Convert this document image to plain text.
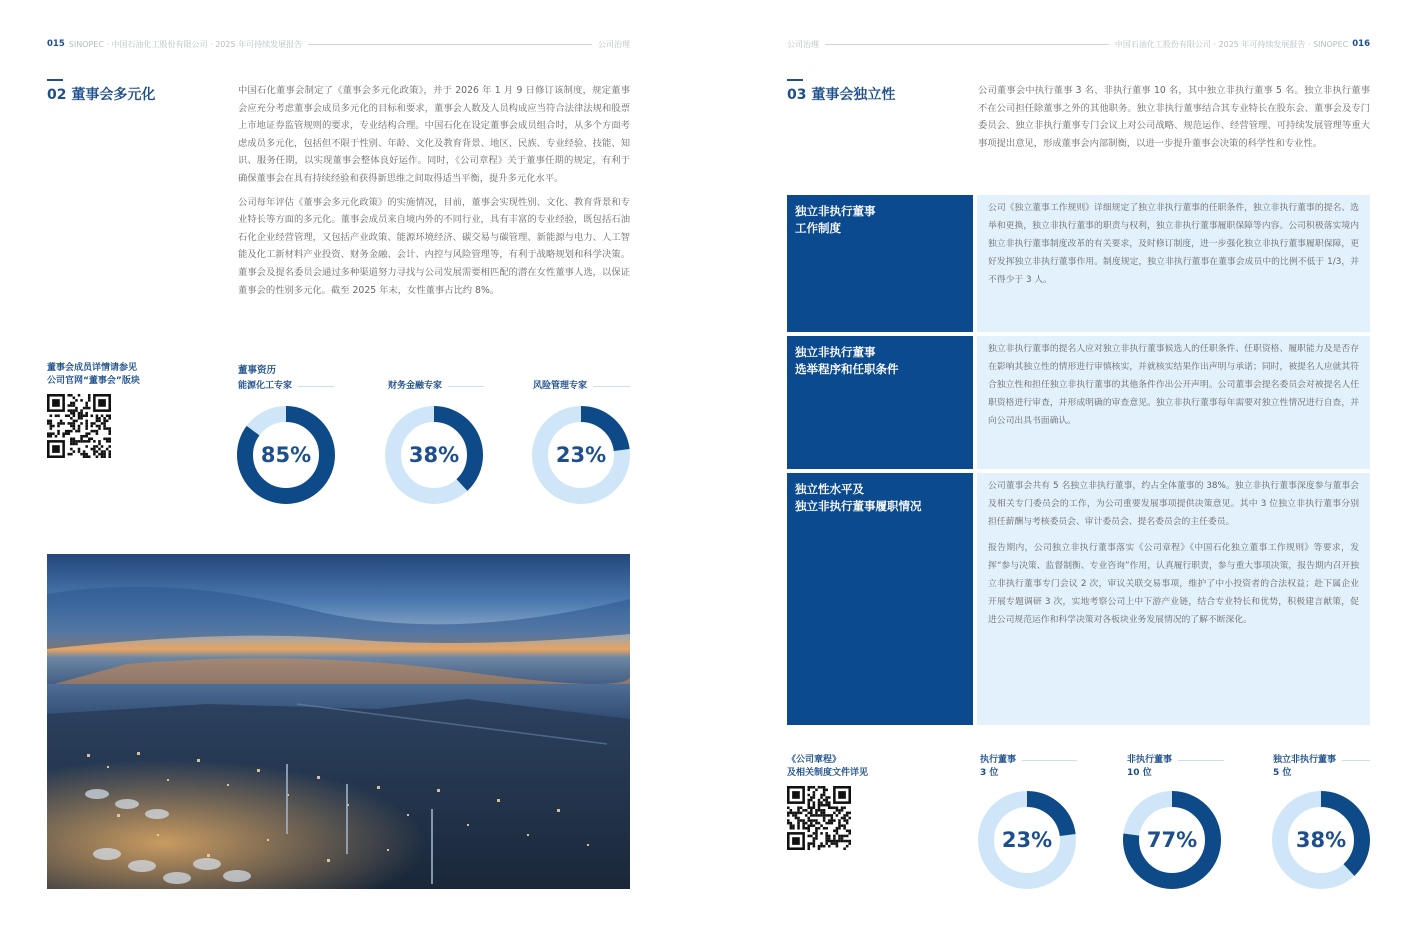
015 SINOPEC · 中国石油化工股份有限公司 · 2025 年可持续发展报告	公司治理
02 董事会多元化	中国石化董事会制定了《董事会多元化政策》，并于 2026 年 1 月 9 日修订该制度，规定董事会应充分考虑董事会成员多元化的目标和要求，董事会人数及人员构成应当符合法律法规和股票上市地证券监管规则的要求，专业结构合理。中国石化在设定董事会成员组合时，从多个方面考虑成员多元化，包括但不限于性别、年龄、文化及教育背景、地区、民族、专业经验、技能、知识、服务任期，以实现董事会整体良好运作。同时，《公司章程》关于董事任期的规定，有利于确保董事会在具有持续经验和获得新思维之间取得适当平衡，提升多元化水平。

公司每年评估《董事会多元化政策》的实施情况，目前，董事会实现性别、文化、教育背景和专业特长等方面的多元化。董事会成员来自境内外的不同行业，具有丰富的专业经验，既包括石油石化企业经营管理，又包括产业政策、能源环境经济、碳交易与碳管理、新能源与电力、人工智能及化工新材料产业投资、财务金融、会计、内控与风险管理等，有利于战略规划和科学决策。董事会及提名委员会通过多种渠道努力寻找与公司发展需要相匹配的潜在女性董事人选，以保证董事会的性别多元化。截至 2025 年末，女性董事占比约 8%。

董事会成员详情请参见
公司官网“董事会”版块
董事资历
能源化工专家	财务金融专家	风险管理专家
85%	38%	23%
公司治理	中国石油化工股份有限公司 · 2025 年可持续发展报告 · SINOPEC 016
03 董事会独立性	公司董事会中执行董事 3 名、非执行董事 10 名，其中独立非执行董事 5 名。独立非执行董事不在公司担任除董事之外的其他职务。独立非执行董事结合其专业特长在股东会、董事会及专门委员会、独立非执行董事专门会议上对公司战略、规范运作、经营管理、可持续发展管理等重大事项提出意见，形成董事会内部制衡，以进一步提升董事会决策的科学性和专业性。

独立非执行董事
工作制度

公司《独立董事工作规则》详细规定了独立非执行董事的任职条件，独立非执行董事的提名、选举和更换，独立非执行董事的职责与权利，独立非执行董事履职保障等内容。公司积极落实境内独立非执行董事制度改革的有关要求，及时修订制度，进一步强化独立非执行董事履职保障，更好发挥独立非执行董事作用。制度规定，独立非执行董事在董事会成员中的比例不低于 1/3，并不得少于 3 人。

独立非执行董事
选举程序和任职条件

独立非执行董事的提名人应对独立非执行董事候选人的任职条件、任职资格、履职能力及是否存在影响其独立性的情形进行审慎核实，并就核实结果作出声明与承诺；同时，被提名人应就其符合独立性和担任独立非执行董事的其他条件作出公开声明。公司董事会提名委员会对被提名人任职资格进行审查，并形成明确的审查意见。独立非执行董事每年需要对独立性情况进行自查，并向公司出具书面确认。

独立性水平及
独立非执行董事履职情况

公司董事会共有 5 名独立非执行董事，约占全体董事的 38%。独立非执行董事深度参与董事会及相关专门委员会的工作，为公司重要发展事项提供决策意见。其中 3 位独立非执行董事分别担任薪酬与考核委员会、审计委员会、提名委员会的主任委员。

报告期内，公司独立非执行董事落实《公司章程》《中国石化独立董事工作规则》等要求，发挥“参与决策、监督制衡、专业咨询”作用，认真履行职责，参与重大事项决策，报告期内召开独立非执行董事专门会议 2 次，审议关联交易事项，维护了中小投资者的合法权益；赴下属企业开展专题调研 3 次，实地考察公司上中下游产业链，结合专业特长和优势，积极建言献策，促进公司规范运作和科学决策对各板块业务发展情况的了解不断深化。

《公司章程》
及相关制度文件详见
执行董事
3 位
非执行董事
10 位
独立非执行董事
5 位
23%	77%	38%
